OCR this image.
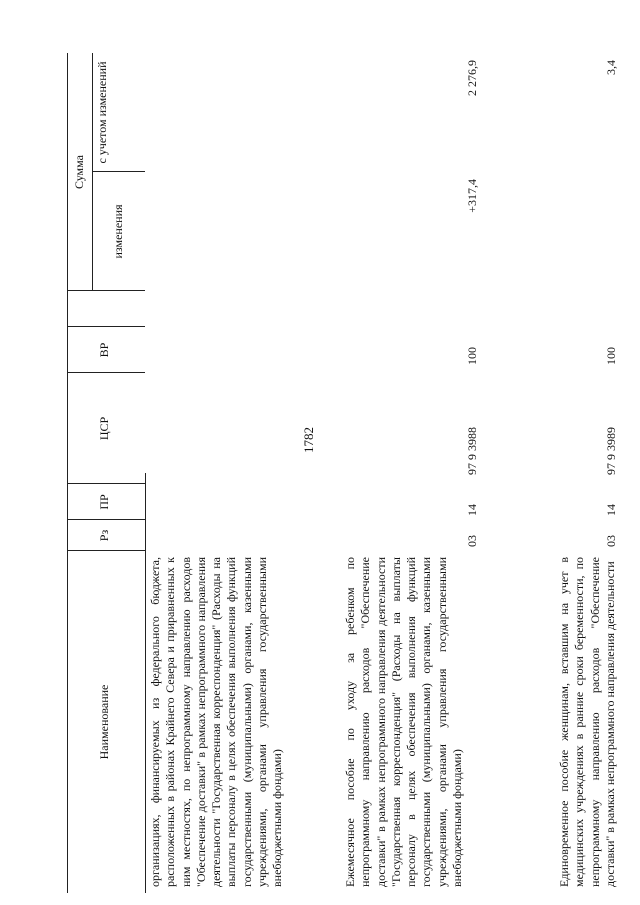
1782
Наименование
Рз
ПР
ЦСР
ВР
Сумма
изменения
с учетом изменений
организациях, финансируемых из федерального бюджета, расположенных в районах Крайнего Севера и приравненных к ним местностях, по непрограммному направлению расходов "Обеспечение доставки" в рамках непрограммного направления деятельности "Государственная корреспонденция" (Расходы на выплаты персоналу в целях обеспечения выполнения функций государственными (муниципальными) органами, казенными учреждениями, органами управления государственными внебюджетными фондами)	Ежемесячное пособие по уходу за ребенком по непрограммному направлению расходов "Обеспечение доставки" в рамках непрограммного направления деятельности "Государственная корреспонденция" (Расходы на выплаты персоналу в целях обеспечения выполнения функций государственными (муниципальными) органами, казенными учреждениями, органами управления государственными внебюджетными фондами)
03
14
97 9 3988
100
+317,4
2 276,9
Единовременное пособие женщинам, вставшим на учет в медицинских учреждениях в ранние сроки беременности, по непрограммному направлению расходов "Обеспечение доставки" в рамках непрограммного направления деятельности
03
14
97 9 3989
100
3,4
